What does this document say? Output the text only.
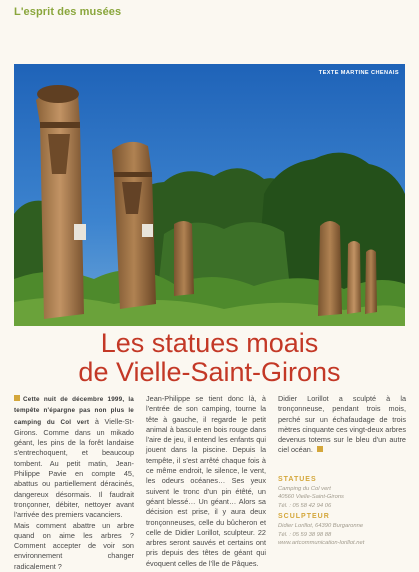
L'esprit des musées
TEXTE MARTINE CHENAIS
Les statues moais
de Vielle-Saint-Girons
Cette nuit de décembre 1999, la tempête n'épargne pas non plus le camping du Col vert à Vielle-St-Girons. Comme dans un mikado géant, les pins de la forêt landaise s'entrechoquent, et beaucoup tombent. Au petit matin, Jean-Philippe Pavie en compte 45, abattus ou partiellement déracinés, dangereux désormais. Il faudrait tronçonner, débiter, nettoyer avant l'arrivée des premiers vacanciers.
Mais comment abattre un arbre quand on aime les arbres ? Comment accepter de voir son environnement changer radicalement ?
Jean-Philippe se tient donc là, à l'entrée de son camping, tourne la tête à gauche, il regarde le petit animal à bascule en bois rouge dans l'aire de jeu, il entend les enfants qui jouent dans la piscine. Depuis la tempête, il s'est arrêté chaque fois à ce même endroit, le silence, le vent, les odeurs océanes… Ses yeux suivent le tronc d'un pin étêté, un géant blessé… Un géant… Alors sa décision est prise, il y aura deux tronçonneuses, celle du bûcheron et celle de Didier Lorillot, sculpteur. 22 arbres seront sauvés et certains ont pris depuis des têtes de géant qui évoquent celles de l'île de Pâques.
Didier Lorillot a sculpté à la tronçonneuse, pendant trois mois, perché sur un échafaudage de trois mètres cinquante ces vingt-deux arbres devenus totems sur le bleu d'un autre ciel océan.
STATUES
Camping du Col vert
40560 Vielle-Saint-Girons
Tél. : 05 58 42 94 06
SCULPTEUR
Didier Lorillot, 64390 Burgaronne
Tél. : 05 59 38 98 88
www.artcommunication-lorillot.net
